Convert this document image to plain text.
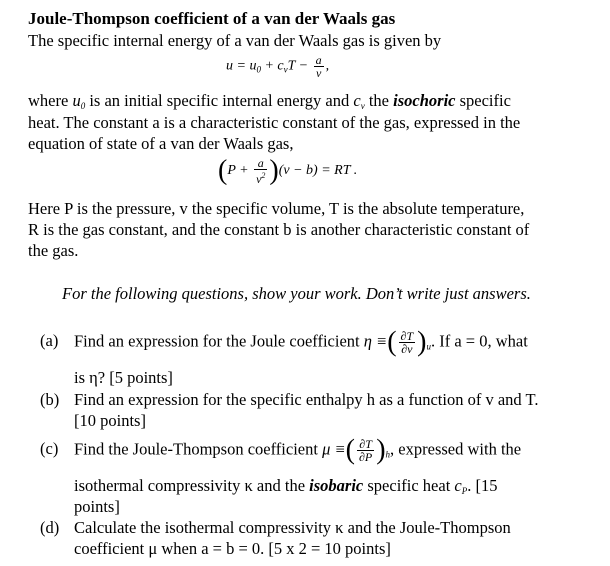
Joule-Thompson coefficient of a van der Waals gas
The specific internal energy of a van der Waals gas is given by
$u = u_0 + c_vT - \frac{a}{v}$ ,
where $u_0$ is an initial specific internal energy and $c_v$ the isochoric specific
heat. The constant a is a characteristic constant of the gas, expressed in the
equation of state of a van der Waals gas,
$(P + \frac{a}{v^2} )(v - b)$ = RT .
Here P is the pressure, v the specific volume, T is the absolute temperature,
R is the gas constant, and the constant b is another characteristic constant of
the gas.
For the following questions, show your work. Don’t write just answers.
(a) Find an expression for the Joule coefficient η ≡( $\frac{\partial T}{\partial v} )_u$. If a = 0, what
is η? [5 points]
(b) Find an expression for the specific enthalpy h as a function of v and T.
[10 points]
(c) Find the Joule-Thompson coefficient μ ≡( $\frac{\partial T}{\partial P} )_h$, expressed with the
isothermal compressivity κ and the isobaric specific heat $c_P$. [15
points]
(d) Calculate the isothermal compressivity κ and the Joule-Thompson
coefficient μ when a = b = 0. [5 x 2 = 10 points]
